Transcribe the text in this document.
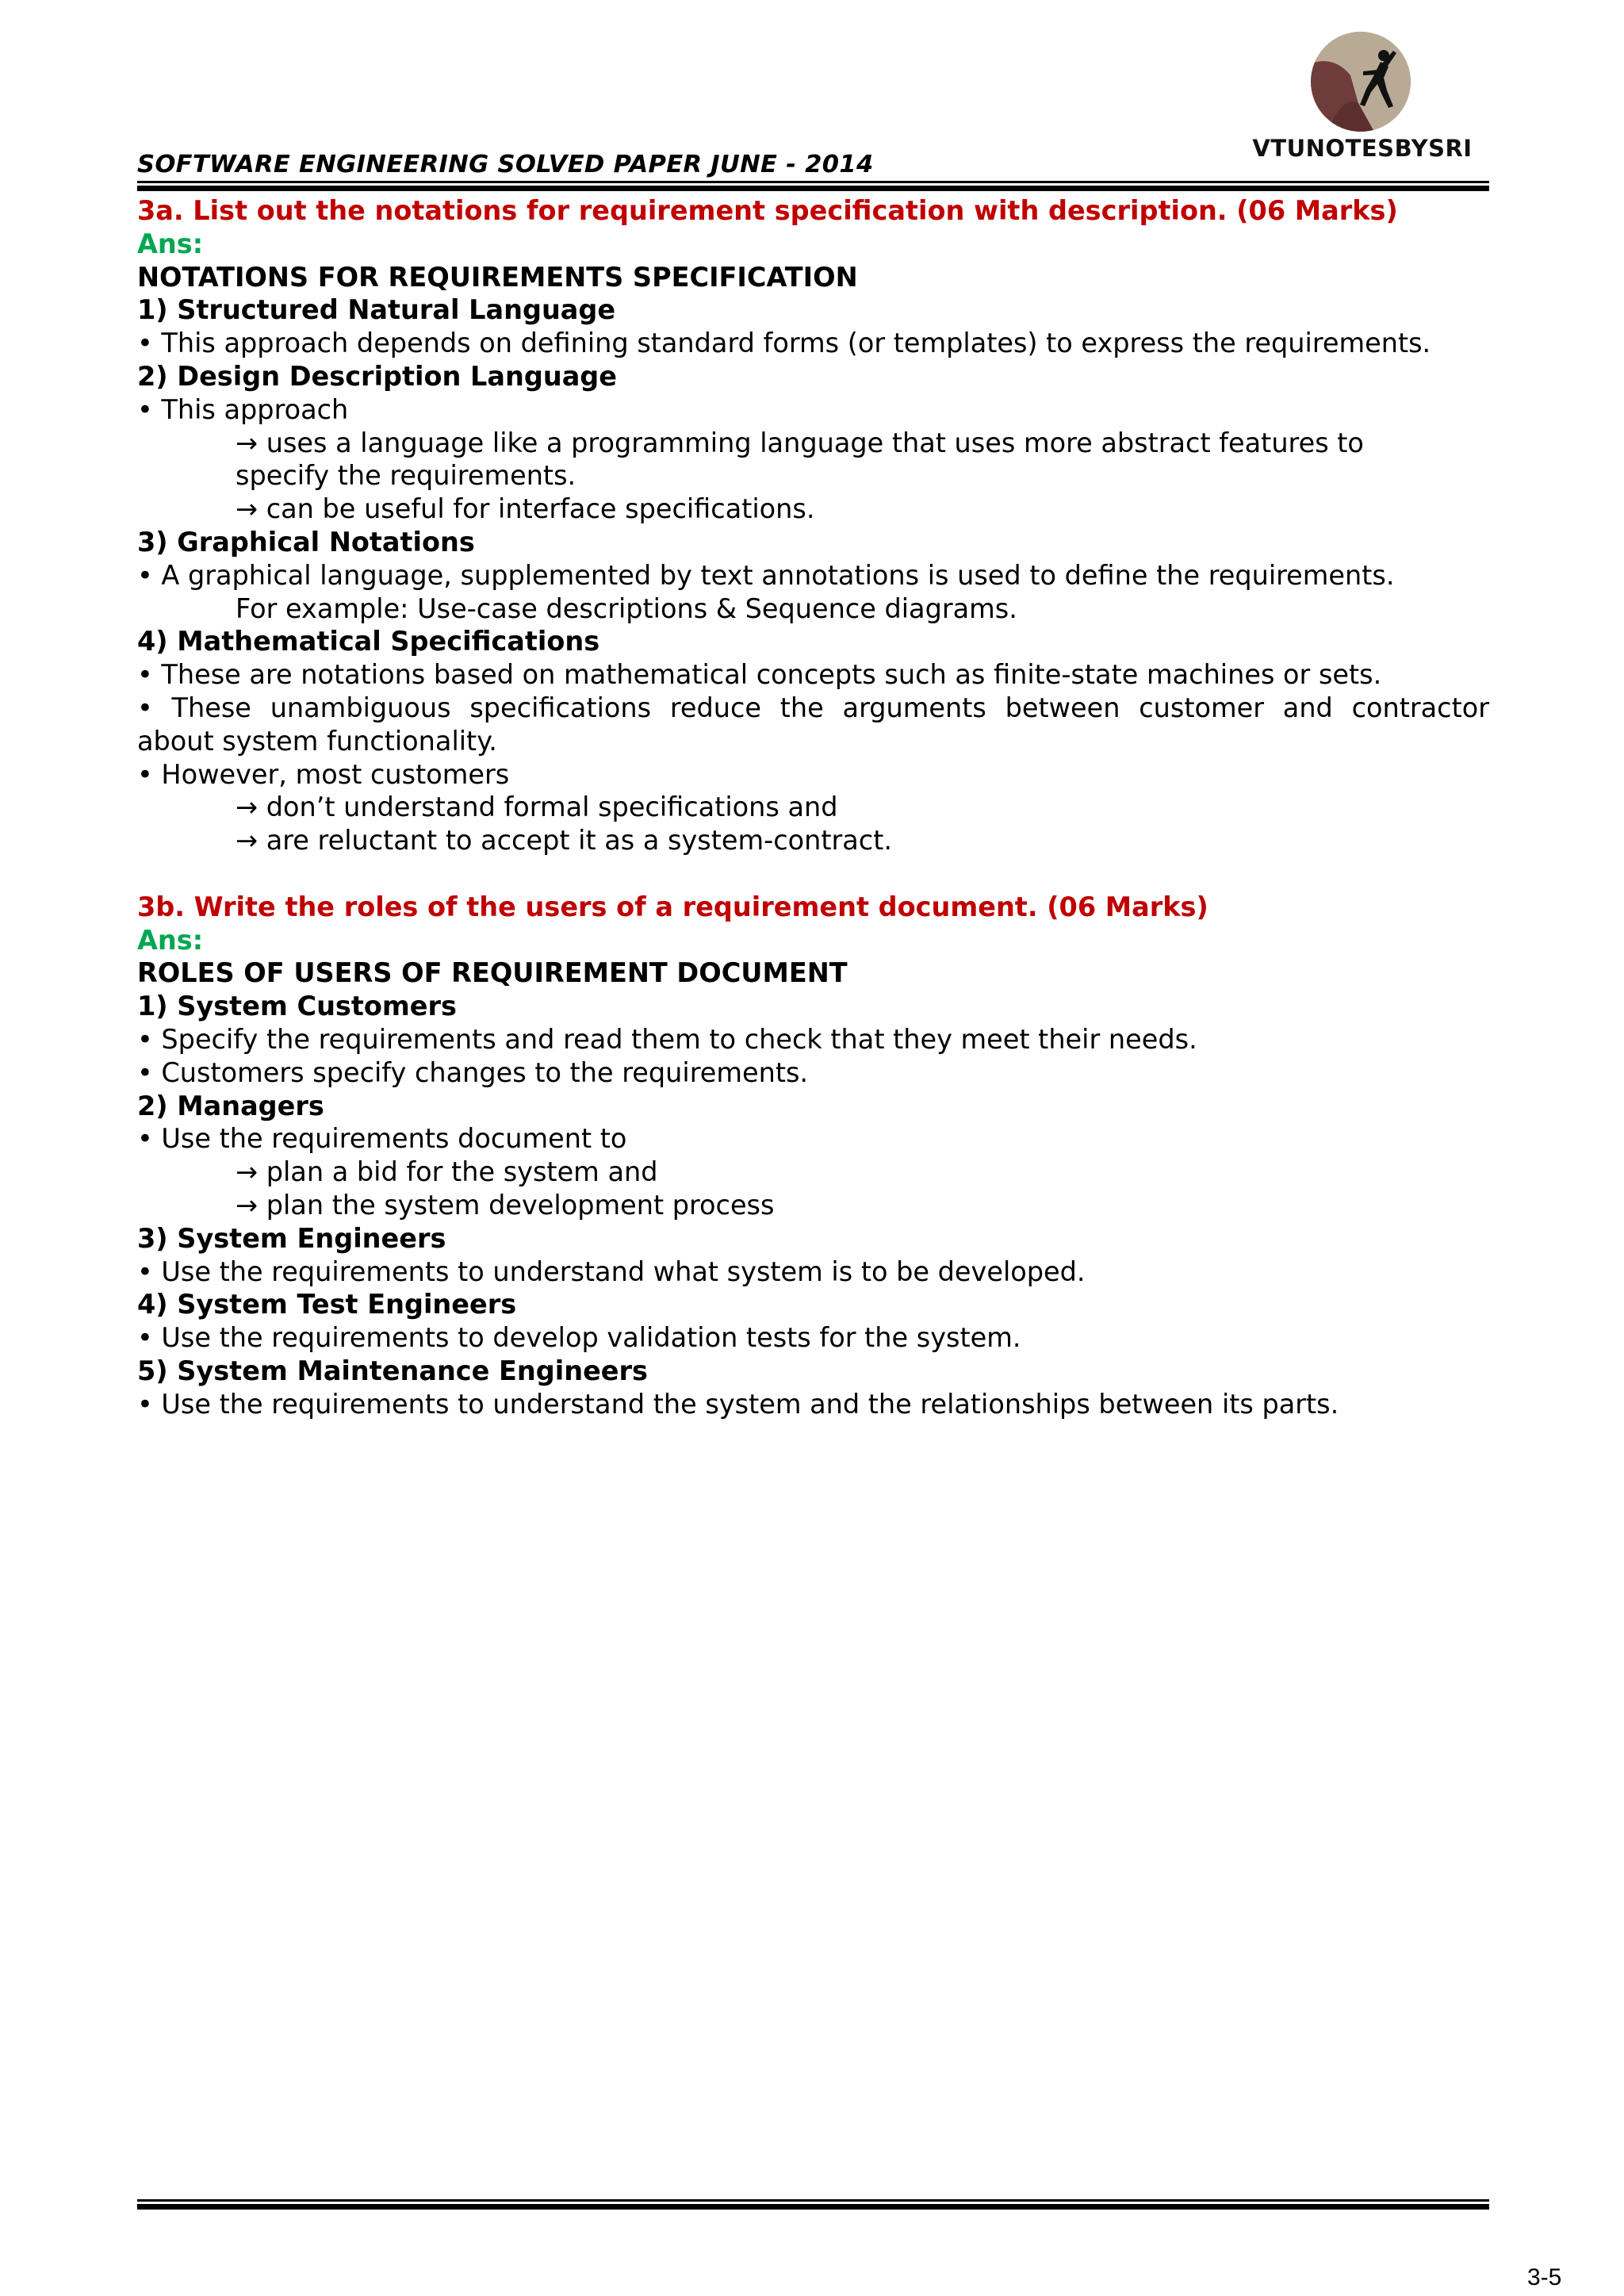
VTUNOTESBYSRI
SOFTWARE ENGINEERING SOLVED PAPER JUNE - 2014
3a. List out the notations for requirement specification with description. (06 Marks)
Ans:
NOTATIONS FOR REQUIREMENTS SPECIFICATION
1) Structured Natural Language
• This approach depends on defining standard forms (or templates) to express the requirements.
2) Design Description Language
• This approach
→ uses a language like a programming language that uses more abstract features to
specify the requirements.
→ can be useful for interface specifications.
3) Graphical Notations
• A graphical language, supplemented by text annotations is used to define the requirements.
For example: Use-case descriptions & Sequence diagrams.
4) Mathematical Specifications
• These are notations based on mathematical concepts such as finite-state machines or sets.
• These unambiguous specifications reduce the arguments between customer and contractor
about system functionality.
• However, most customers
→ don’t understand formal specifications and
→ are reluctant to accept it as a system-contract.
3b. Write the roles of the users of a requirement document. (06 Marks)
Ans:
ROLES OF USERS OF REQUIREMENT DOCUMENT
1) System Customers
• Specify the requirements and read them to check that they meet their needs.
• Customers specify changes to the requirements.
2) Managers
• Use the requirements document to
→ plan a bid for the system and
→ plan the system development process
3) System Engineers
• Use the requirements to understand what system is to be developed.
4) System Test Engineers
• Use the requirements to develop validation tests for the system.
5) System Maintenance Engineers
• Use the requirements to understand the system and the relationships between its parts.
3-5
